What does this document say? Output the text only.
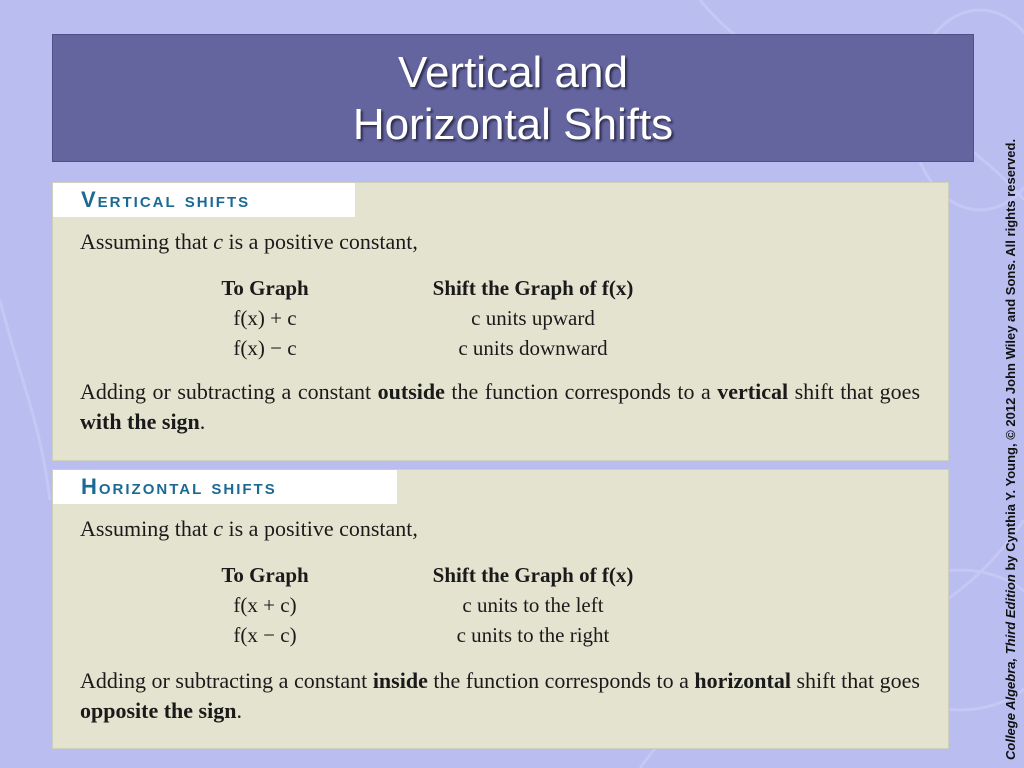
Vertical and
Horizontal Shifts
Vertical shifts
Assuming that c is a positive constant,
To Graph	Shift the Graph of f(x)
f(x) + c	c units upward
f(x) − c	c units downward
Adding or subtracting a constant outside the function corresponds to a vertical shift that goes with the sign.
Horizontal shifts
Assuming that c is a positive constant,
To Graph	Shift the Graph of f(x)
f(x + c)	c units to the left
f(x − c)	c units to the right
Adding or subtracting a constant inside the function corresponds to a horizontal shift that goes opposite the sign.	College Algebra, Third Edition by Cynthia Y. Young, © 2012 John Wiley and Sons. All rights reserved.
